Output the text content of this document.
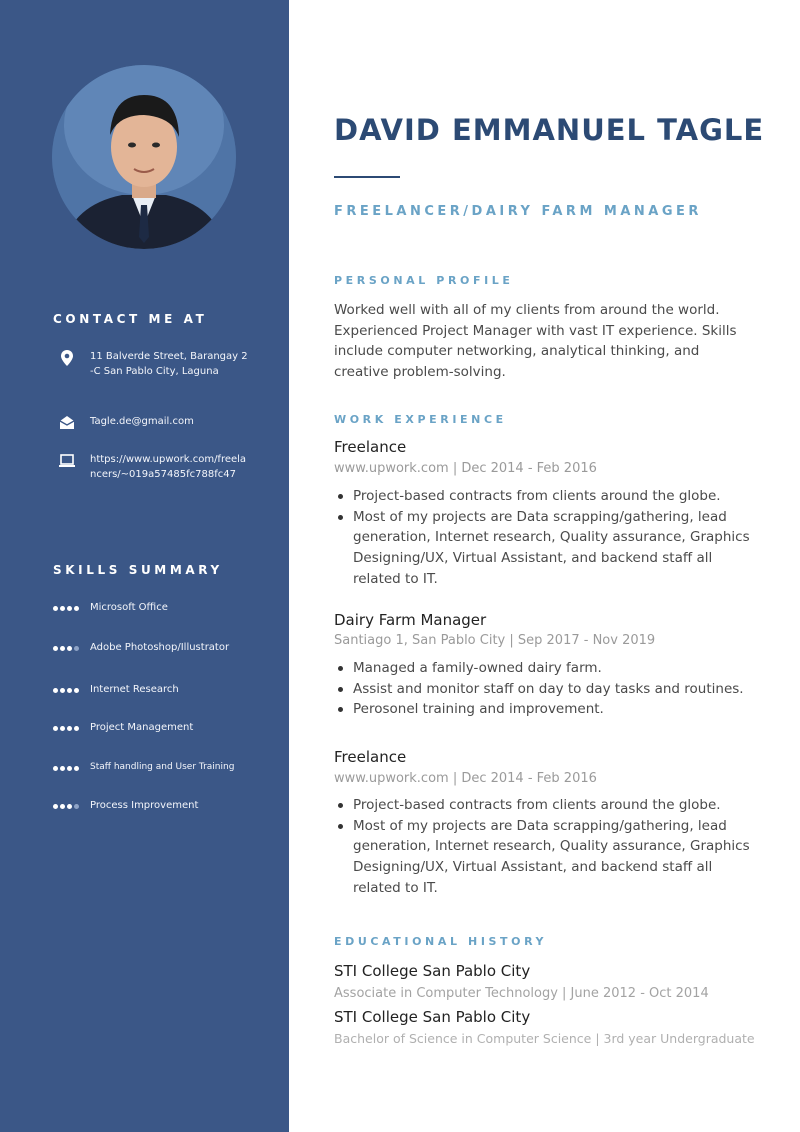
CONTACT ME AT
11 Balverde Street, Barangay 2-C San Pablo City, Laguna
Tagle.de@gmail.com
https://www.upwork.com/freelancers/~019a57485fc788fc47
SKILLS SUMMARY
Microsoft Office
Adobe Photoshop/Illustrator
Internet Research
Project Management
Staff handling and User Training
Process Improvement
DAVID EMMANUEL TAGLE
FREELANCER/DAIRY FARM MANAGER
PERSONAL PROFILE
Worked well with all of my clients from around the world. Experienced Project Manager with vast IT experience. Skills include computer networking, analytical thinking, and creative problem-solving.
WORK EXPERIENCE
Freelance
www.upwork.com | Dec 2014 - Feb 2016
Project-based contracts from clients around the globe.
Most of my projects are Data scrapping/gathering, lead generation, Internet research, Quality assurance, Graphics Designing/UX, Virtual Assistant, and backend staff all related to IT.
Dairy Farm Manager
Santiago 1, San Pablo City | Sep 2017 - Nov 2019
Managed a family-owned dairy farm.
Assist and monitor staff on day to day tasks and routines.
Perosonel training and improvement.
Freelance
www.upwork.com | Dec 2014 - Feb 2016
Project-based contracts from clients around the globe.
Most of my projects are Data scrapping/gathering, lead generation, Internet research, Quality assurance, Graphics Designing/UX, Virtual Assistant, and backend staff all related to IT.
EDUCATIONAL HISTORY
STI College San Pablo City
Associate in Computer Technology | June 2012 - Oct 2014
STI College San Pablo City
Bachelor of Science in Computer Science | 3rd year Undergraduate
